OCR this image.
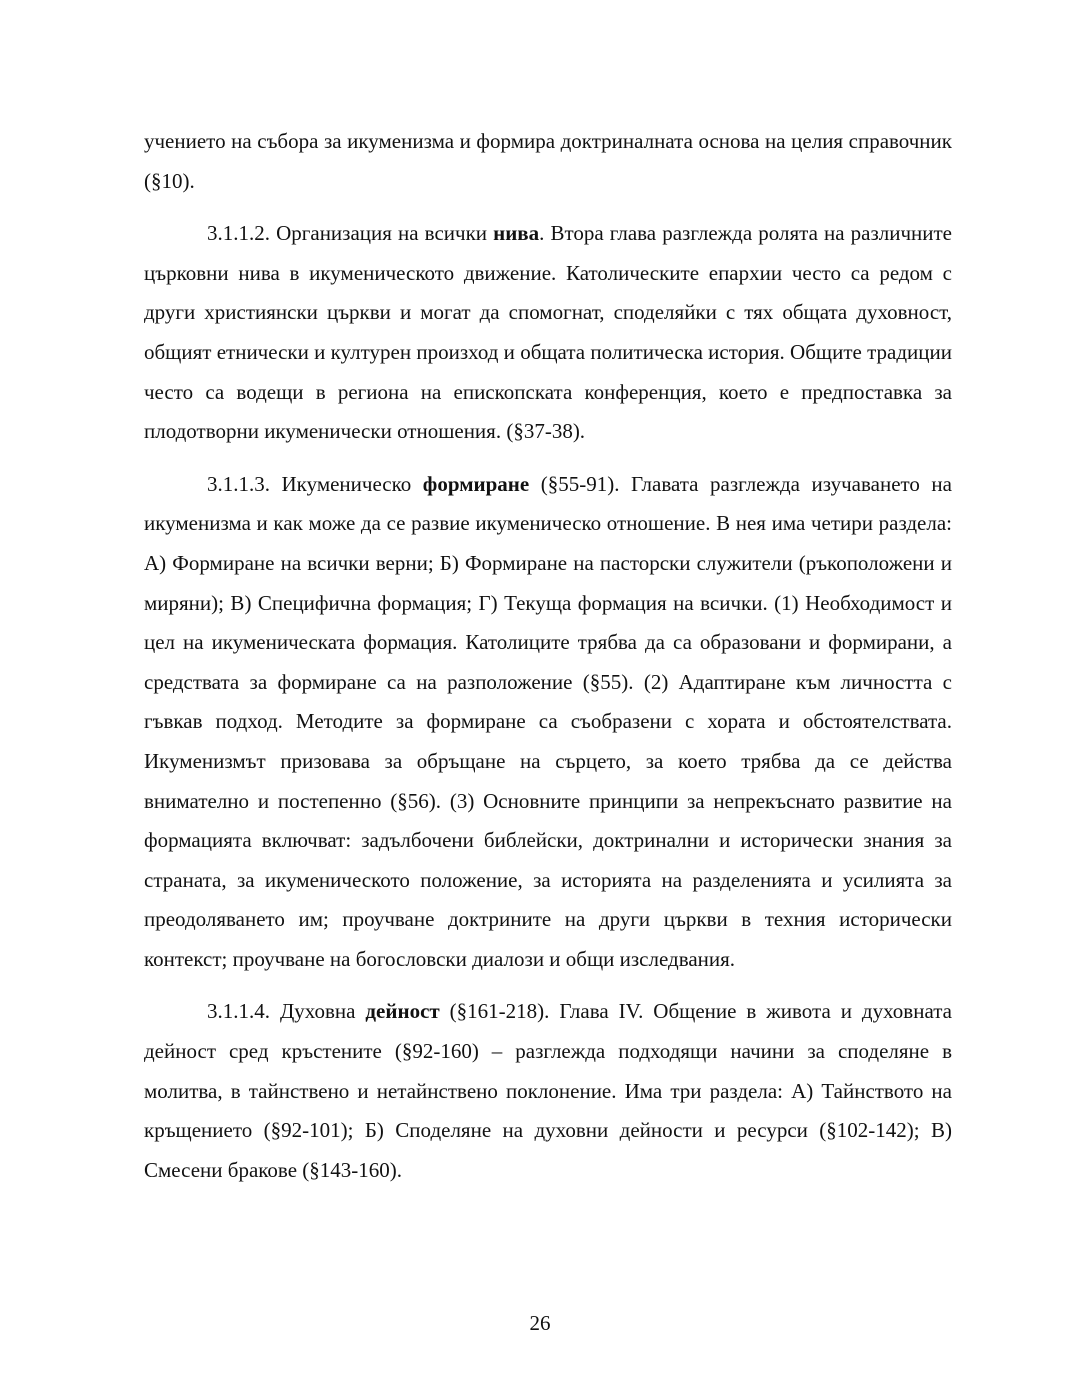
учението на събора за икуменизма и формира доктриналната основа на целия справочник (§10).

3.1.1.2. Организация на всички нива. Втора глава разглежда ролята на различните църковни нива в икуменическото движение. Католическите епархии често са редом с други християнски църкви и могат да спомогнат, споделяйки с тях общата духовност, общият етнически и културен произход и общата политическа история. Общите традиции често са водещи в региона на епископската конференция, което е предпоставка за плодотворни икуменически отношения. (§37-38).

3.1.1.3. Икуменическо формиране (§55-91). Главата разглежда изучаването на икуменизма и как може да се развие икуменическо отношение. В нея има четири раздела: А) Формиране на всички верни; Б) Формиране на пасторски служители (ръкоположени и миряни); В) Специфична формация; Г) Текуща формация на всички. (1) Необходимост и цел на икуменическата формация. Католиците трябва да са образовани и формирани, а средствата за формиране са на разположение (§55). (2) Адаптиране към личността с гъвкав подход. Методите за формиране са съобразени с хората и обстоятелствата. Икуменизмът призовава за обръщане на сърцето, за което трябва да се действа внимателно и постепенно (§56). (3) Основните принципи за непрекъснато развитие на формацията включват: задълбочени библейски, доктринални и исторически знания за страната, за икуменическото положение, за историята на разделенията и усилията за преодоляването им; проучване доктрините на други църкви в техния исторически контекст; проучване на богословски диалози и общи изследвания.

3.1.1.4. Духовна дейност (§161-218). Глава IV. Общение в живота и духовната дейност сред кръстените (§92-160) – разглежда подходящи начини за споделяне в молитва, в тайнствено и нетайнствено поклонение. Има три раздела: А) Тайнството на кръщението (§92-101); Б) Споделяне на духовни дейности и ресурси (§102-142); В) Смесени бракове (§143-160).

26
